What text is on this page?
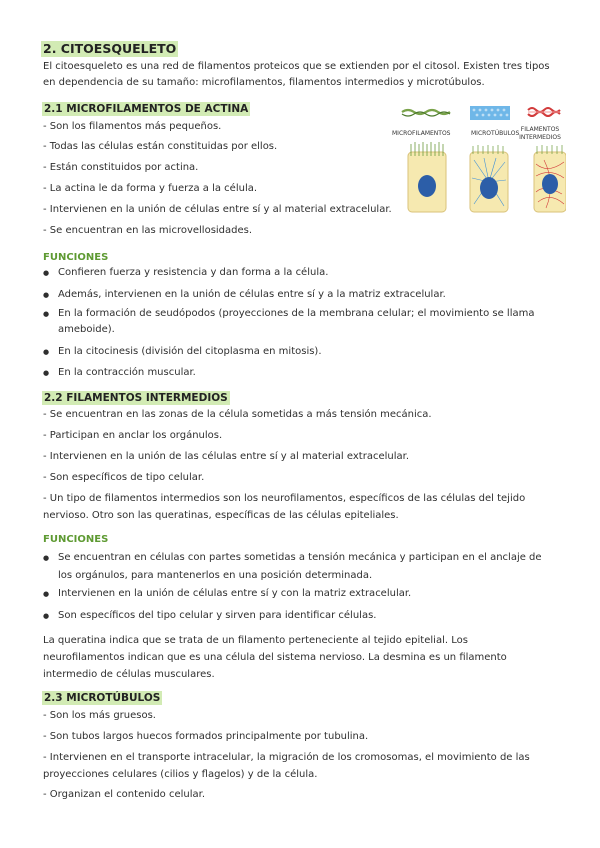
2. CITOESQUELETO
El citoesqueleto es una red de filamentos proteicos que se extienden por el citosol. Existen tres tipos en dependencia de su tamaño: microfilamentos, filamentos intermedios y microtúbulos.
2.1 MICROFILAMENTOS DE ACTINA
- Son los filamentos más pequeños.
- Todas las células están constituidas por ellos.
- Están constituidos por actina.
- La actina le da forma y fuerza a la célula.
- Intervienen en la unión de células entre sí y al material extracelular.
- Se encuentran en las microvellosidades.
MICROFILAMENTOS	MICROTÚBULOS
FILAMENTOS
INTERMEDIOS
FUNCIONES
● Confieren fuerza y resistencia y dan forma a la célula.
● Además, intervienen en la unión de células entre sí y a la matriz extracelular.
● En la formación de seudópodos (proyecciones de la membrana celular; el movimiento se llama ameboide).
● En la citocinesis (división del citoplasma en mitosis).
● En la contracción muscular.
2.2 FILAMENTOS INTERMEDIOS
- Se encuentran en las zonas de la célula sometidas a más tensión mecánica.
- Participan en anclar los orgánulos.
- Intervienen en la unión de las células entre sí y al material extracelular.
- Son específicos de tipo celular.
- Un tipo de filamentos intermedios son los neurofilamentos, específicos de las células del tejido nervioso. Otro son las queratinas, específicas de las células epiteliales.
FUNCIONES
● Se encuentran en células con partes sometidas a tensión mecánica y participan en el anclaje de los orgánulos, para mantenerlos en una posición determinada.
● Intervienen en la unión de células entre sí y con la matriz extracelular.
● Son específicos del tipo celular y sirven para identificar células.
La queratina indica que se trata de un filamento perteneciente al tejido epitelial. Los neurofilamentos indican que es una célula del sistema nervioso. La desmina es un filamento intermedio de células musculares.
2.3 MICROTÚBULOS
- Son los más gruesos.
- Son tubos largos huecos formados principalmente por tubulina.
- Intervienen en el transporte intracelular, la migración de los cromosomas, el movimiento de las proyecciones celulares (cilios y flagelos) y de la célula.
- Organizan el contenido celular.
